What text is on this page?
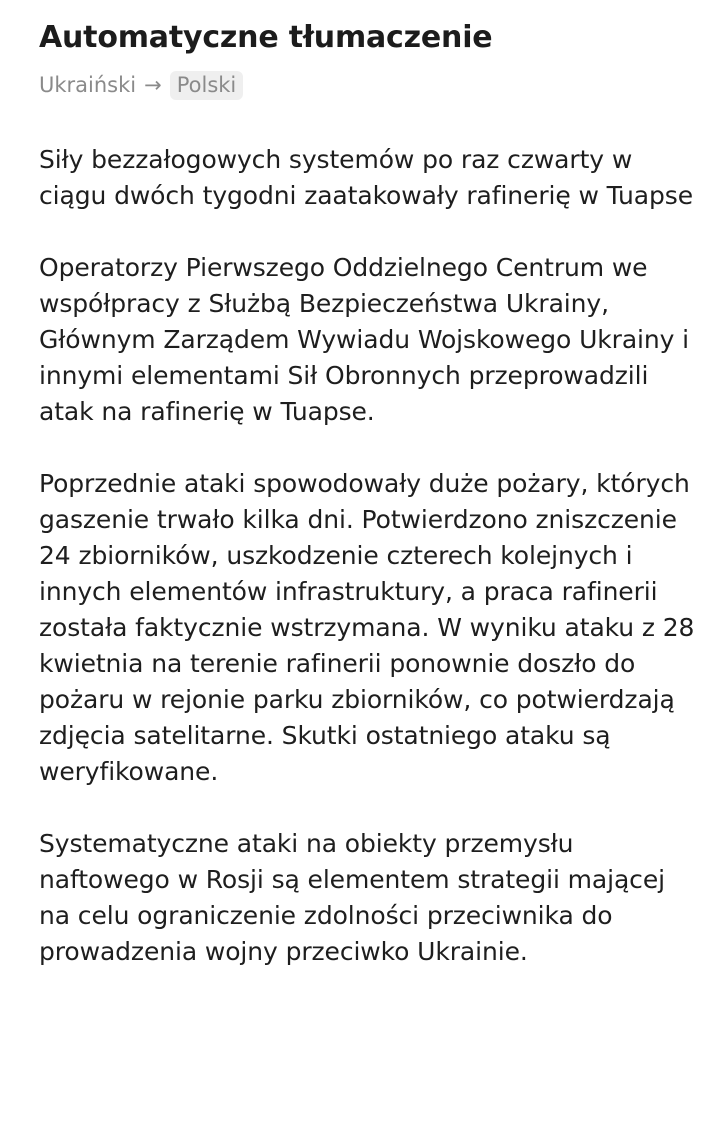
Automatyczne tłumaczenie
Ukraiński → Polski

Siły bezzałogowych systemów po raz czwarty w ciągu dwóch tygodni zaatakowały rafinerię w Tuapse

Operatorzy Pierwszego Oddzielnego Centrum we współpracy z Służbą Bezpieczeństwa Ukrainy, Głównym Zarządem Wywiadu Wojskowego Ukrainy i innymi elementami Sił Obronnych przeprowadzili atak na rafinerię w Tuapse.

Poprzednie ataki spowodowały duże pożary, których gaszenie trwało kilka dni. Potwierdzono zniszczenie 24 zbiorników, uszkodzenie czterech kolejnych i innych elementów infrastruktury, a praca rafinerii została faktycznie wstrzymana. W wyniku ataku z 28 kwietnia na terenie rafinerii ponownie doszło do pożaru w rejonie parku zbiorników, co potwierdzają zdjęcia satelitarne. Skutki ostatniego ataku są weryfikowane.

Systematyczne ataki na obiekty przemysłu naftowego w Rosji są elementem strategii mającej na celu ograniczenie zdolności przeciwnika do prowadzenia wojny przeciwko Ukrainie.
